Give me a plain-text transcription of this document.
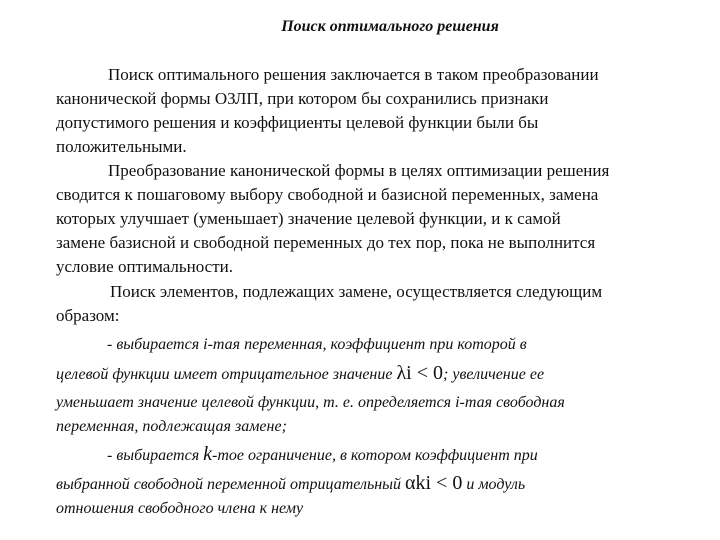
Поиск оптимального решения
Поиск оптимального решения заключается в таком преобразовании
канонической формы ОЗЛП, при котором бы сохранились признаки
допустимого решения и коэффициенты целевой функции были бы
положительными.
Преобразование канонической формы в целях оптимизации решения
сводится к пошаговому выбору свободной и базисной переменных, замена
которых улучшает (уменьшает) значение целевой функции, и к самой
замене базисной и свободной переменных до тех пор, пока не выполнится
условие оптимальности.
Поиск элементов, подлежащих замене, осуществляется следующим
образом:
- выбирается i-тая переменная, коэффициент при которой в
целевой функции имеет отрицательное значение λi < 0; увеличение ее
уменьшает значение целевой функции, т. е. определяется i-тая свободная
переменная, подлежащая замене;
- выбирается k-тое ограничение, в котором коэффициент при
выбранной свободной переменной отрицательный αki < 0 и модуль
отношения свободного члена к нему
